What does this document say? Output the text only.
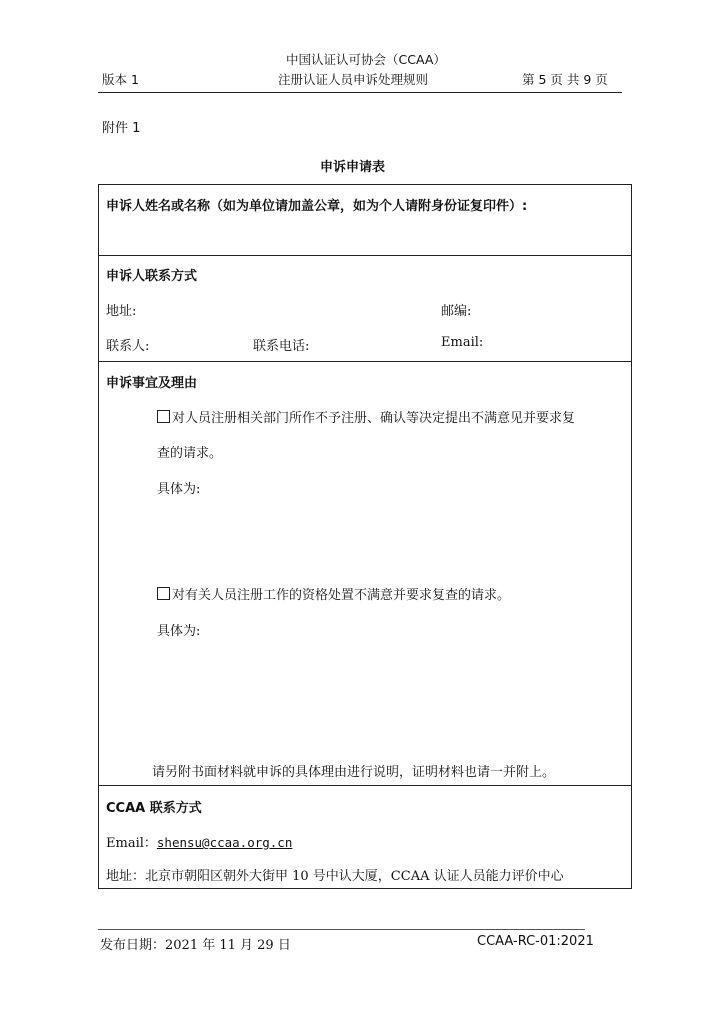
中国认证认可协会（CCAA）
版本 1	注册认证人员申诉处理规则	第 5 页 共 9 页
附件 1
申诉申请表
申诉人姓名或名称（如为单位请加盖公章，如为个人请附身份证复印件）:
申诉人联系方式
地址:	邮编:
联系人:	联系电话:	Email:
申诉事宜及理由
对人员注册相关部门所作不予注册、确认等决定提出不满意见并要求复
查的请求。
具体为:
对有关人员注册工作的资格处置不满意并要求复查的请求。
具体为:
请另附书面材料就申诉的具体理由进行说明，证明材料也请一并附上。
CCAA 联系方式
Email：shensu@ccaa.org.cn
地址：北京市朝阳区朝外大街甲 10 号中认大厦，CCAA 认证人员能力评价中心
发布日期：2021 年 11 月 29 日	CCAA-RC-01:2021
